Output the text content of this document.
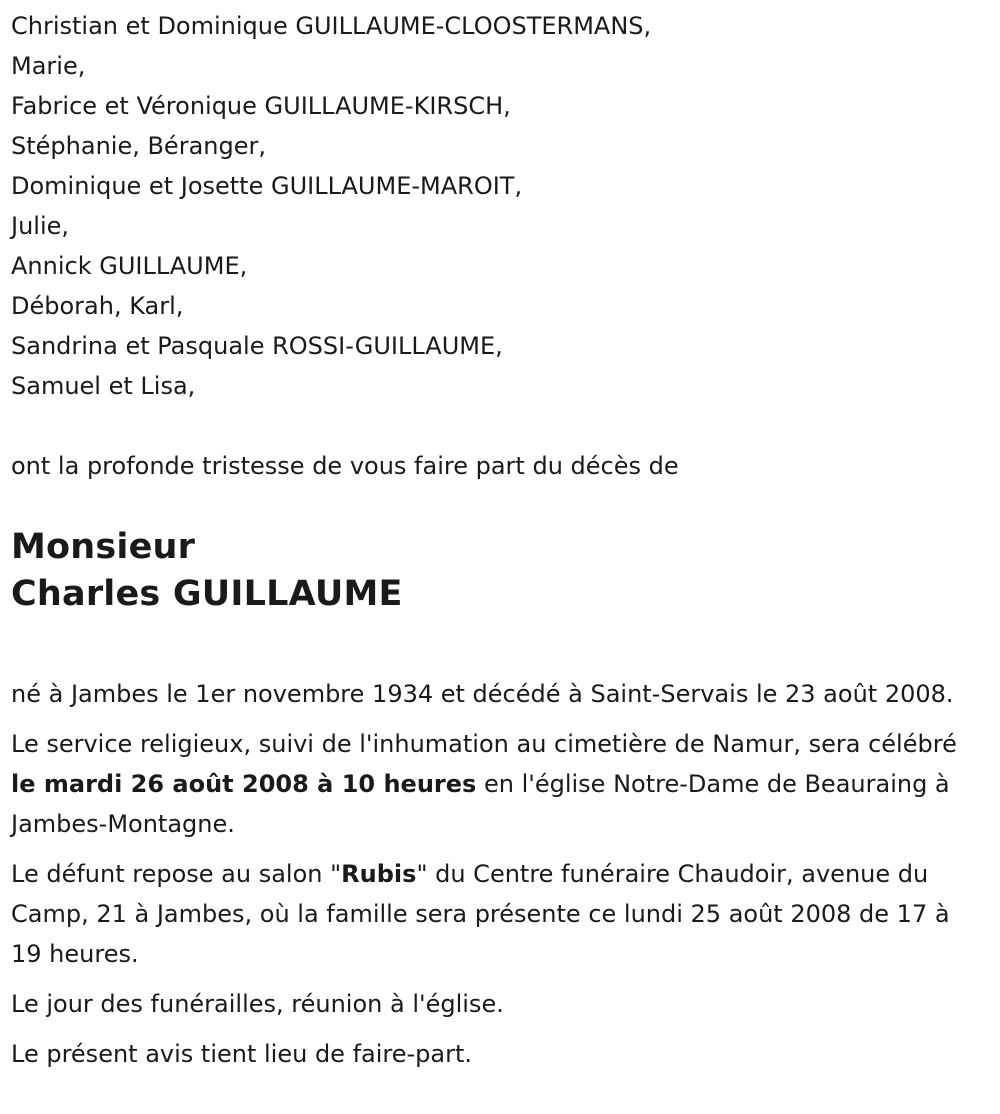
Christian et Dominique GUILLAUME-CLOOSTERMANS,
Marie,
Fabrice et Véronique GUILLAUME-KIRSCH,
Stéphanie, Béranger,
Dominique et Josette GUILLAUME-MAROIT,
Julie,
Annick GUILLAUME,
Déborah, Karl,
Sandrina et Pasquale ROSSI-GUILLAUME,
Samuel et Lisa,
ont la profonde tristesse de vous faire part du décès de
Monsieur
Charles GUILLAUME

né à Jambes le 1er novembre 1934 et décédé à Saint-Servais le 23 août 2008.

Le service religieux, suivi de l'inhumation au cimetière de Namur, sera célébré le mardi 26 août 2008 à 10 heures en l'église Notre-Dame de Beauraing à Jambes-Montagne.

Le défunt repose au salon "Rubis" du Centre funéraire Chaudoir, avenue du Camp, 21 à Jambes, où la famille sera présente ce lundi 25 août 2008 de 17 à 19 heures.

Le jour des funérailles, réunion à l'église.

Le présent avis tient lieu de faire-part.
